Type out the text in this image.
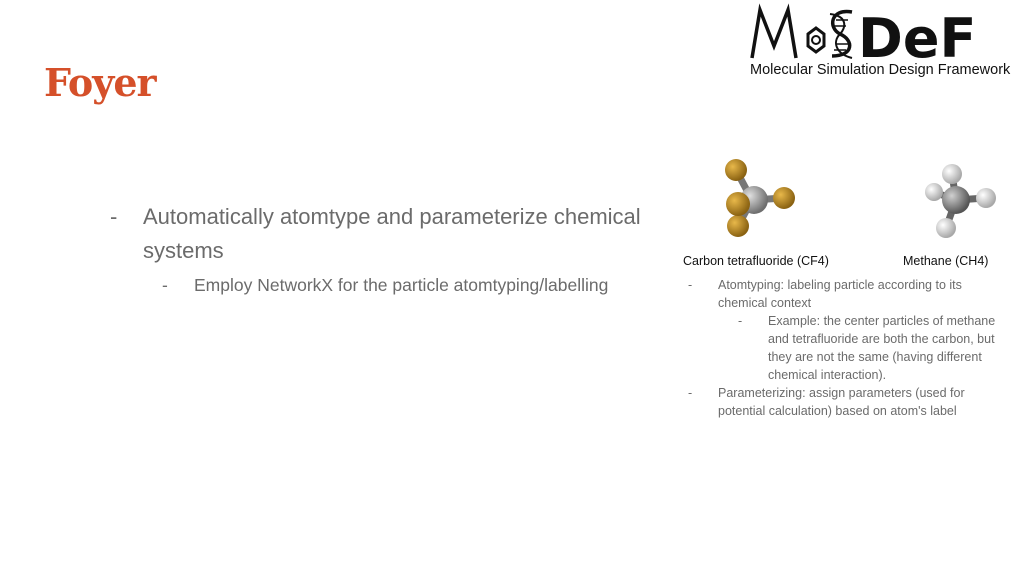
Foyer
DeF
Molecular Simulation Design Framework
- Automatically atomtype and parameterize chemical systems
- Employ NetworkX for the particle atomtyping/labelling
Carbon tetrafluoride (CF4)	Methane (CH4)
- Atomtyping: labeling particle according to its chemical context
- Example: the center particles of methane and tetrafluoride are both the carbon, but they are not the same (having different chemical interaction).
- Parameterizing: assign parameters (used for potential calculation) based on atom's label
